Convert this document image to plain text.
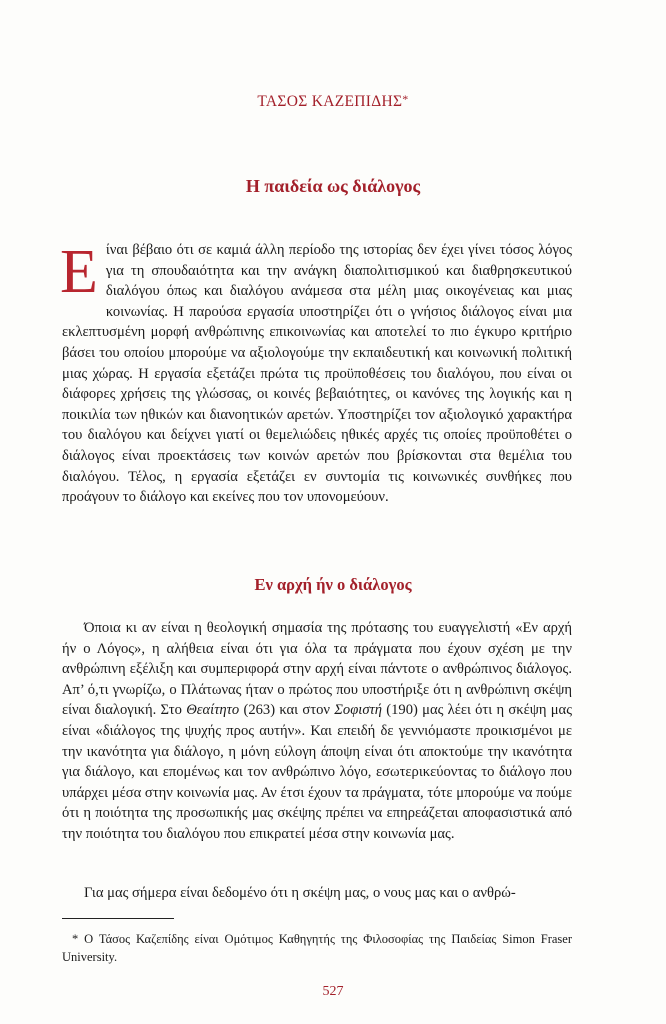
ΤΑΣΟΣ ΚΑΖΕΠΙΔΗΣ*
Η παιδεία ως διάλογος
Είναι βέβαιο ότι σε καμιά άλλη περίοδο της ιστορίας δεν έχει γίνει τόσος λόγος για τη σπουδαιότητα και την ανάγκη διαπολιτισμικού και διαθρησκευτικού διαλόγου όπως και διαλόγου ανάμεσα στα μέλη μιας οικογένειας και μιας κοινωνίας. Η παρούσα εργασία υποστηρίζει ότι ο γνήσιος διάλογος είναι μια εκλεπτυσμένη μορφή ανθρώπινης επικοινωνίας και αποτελεί το πιο έγκυρο κριτήριο βάσει του οποίου μπορούμε να αξιολογούμε την εκπαιδευτική και κοινωνική πολιτική μιας χώρας. Η εργασία εξετάζει πρώτα τις προϋποθέσεις του διαλόγου, που είναι οι διάφορες χρήσεις της γλώσσας, οι κοινές βεβαιότητες, οι κανόνες της λογικής και η ποικιλία των ηθικών και διανοητικών αρετών. Υποστηρίζει τον αξιολογικό χαρακτήρα του διαλόγου και δείχνει γιατί οι θεμελιώδεις ηθικές αρχές τις οποίες προϋποθέτει ο διάλογος είναι προεκτάσεις των κοινών αρετών που βρίσκονται στα θεμέλια του διαλόγου. Τέλος, η εργασία εξετάζει εν συντομία τις κοινωνικές συνθήκες που προάγουν το διάλογο και εκείνες που τον υπονομεύουν.
Εν αρχή ήν ο διάλογος
Όποια κι αν είναι η θεολογική σημασία της πρότασης του ευαγγελιστή «Εν αρχή ήν ο Λόγος», η αλήθεια είναι ότι για όλα τα πράγματα που έχουν σχέση με την ανθρώπινη εξέλιξη και συμπεριφορά στην αρχή είναι πάντοτε ο ανθρώπινος διάλογος. Απ’ ό,τι γνωρίζω, ο Πλάτωνας ήταν ο πρώτος που υποστήριξε ότι η ανθρώπινη σκέψη είναι διαλογική. Στο Θεαίτητο (263) και στον Σοφιστή (190) μας λέει ότι η σκέψη μας είναι «διάλογος της ψυχής προς αυτήν». Και επειδή δε γεννιόμαστε προικισμένοι με την ικανότητα για διάλογο, η μόνη εύλογη άποψη είναι ότι αποκτούμε την ικανότητα για διάλογο, και επομένως και τον ανθρώπινο λόγο, εσωτερικεύοντας το διάλογο που υπάρχει μέσα στην κοινωνία μας. Αν έτσι έχουν τα πράγματα, τότε μπορούμε να πούμε ότι η ποιότητα της προσωπικής μας σκέψης πρέπει να επηρεάζεται αποφασιστικά από την ποιότητα του διαλόγου που επικρατεί μέσα στην κοινωνία μας.
Για μας σήμερα είναι δεδομένο ότι η σκέψη μας, ο νους μας και ο ανθρώ-
* Ο Τάσος Καζεπίδης είναι Ομότιμος Καθηγητής της Φιλοσοφίας της Παιδείας Simon Fraser University.
527
